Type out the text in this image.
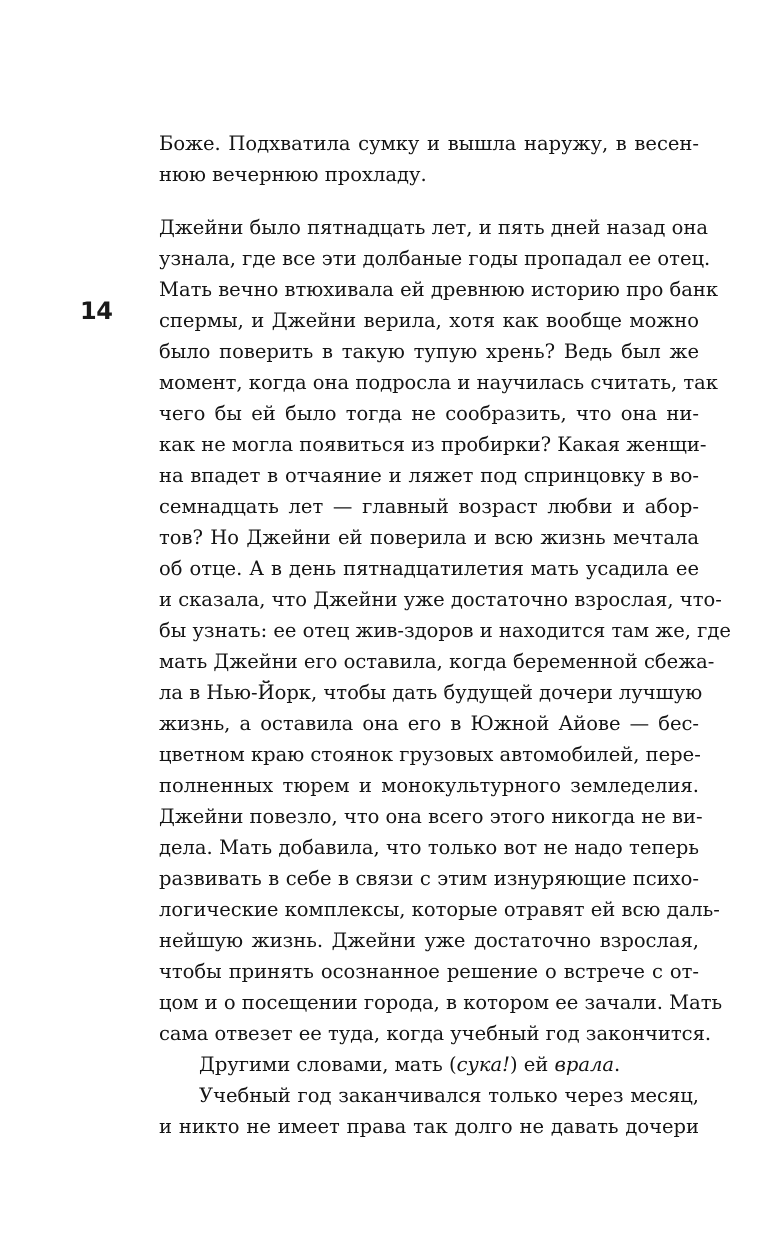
14
Боже. Подхватила сумку и вышла наружу, в весен-
нюю вечернюю прохладу.
Джейни было пятнадцать лет, и пять дней назад она
узнала, где все эти долбаные годы пропадал ее отец.
Мать вечно втюхивала ей древнюю историю про банк
спермы, и Джейни верила, хотя как вообще можно
было поверить в такую тупую хрень? Ведь был же
момент, когда она подросла и научилась считать, так
чего бы ей было тогда не сообразить, что она ни-
как не могла появиться из пробирки? Какая женщи-
на впадет в отчаяние и ляжет под спринцовку в во-
семнадцать лет — главный возраст любви и абор-
тов? Но Джейни ей поверила и всю жизнь мечтала
об отце. А в день пятнадцатилетия мать усадила ее
и сказала, что Джейни уже достаточно взрослая, что-
бы узнать: ее отец жив-здоров и находится там же, где
мать Джейни его оставила, когда беременной сбежа-
ла в Нью-Йорк, чтобы дать будущей дочери лучшую
жизнь, а оставила она его в Южной Айове — бес-
цветном краю стоянок грузовых автомобилей, пере-
полненных тюрем и монокультурного земледелия.
Джейни повезло, что она всего этого никогда не ви-
дела. Мать добавила, что только вот не надо теперь
развивать в себе в связи с этим изнуряющие психо-
логические комплексы, которые отравят ей всю даль-
нейшую жизнь. Джейни уже достаточно взрослая,
чтобы принять осознанное решение о встрече с от-
цом и о посещении города, в котором ее зачали. Мать
сама отвезет ее туда, когда учебный год закончится.
Другими словами, мать (сука!) ей врала.
Учебный год заканчивался только через месяц,
и никто не имеет права так долго не давать дочери
